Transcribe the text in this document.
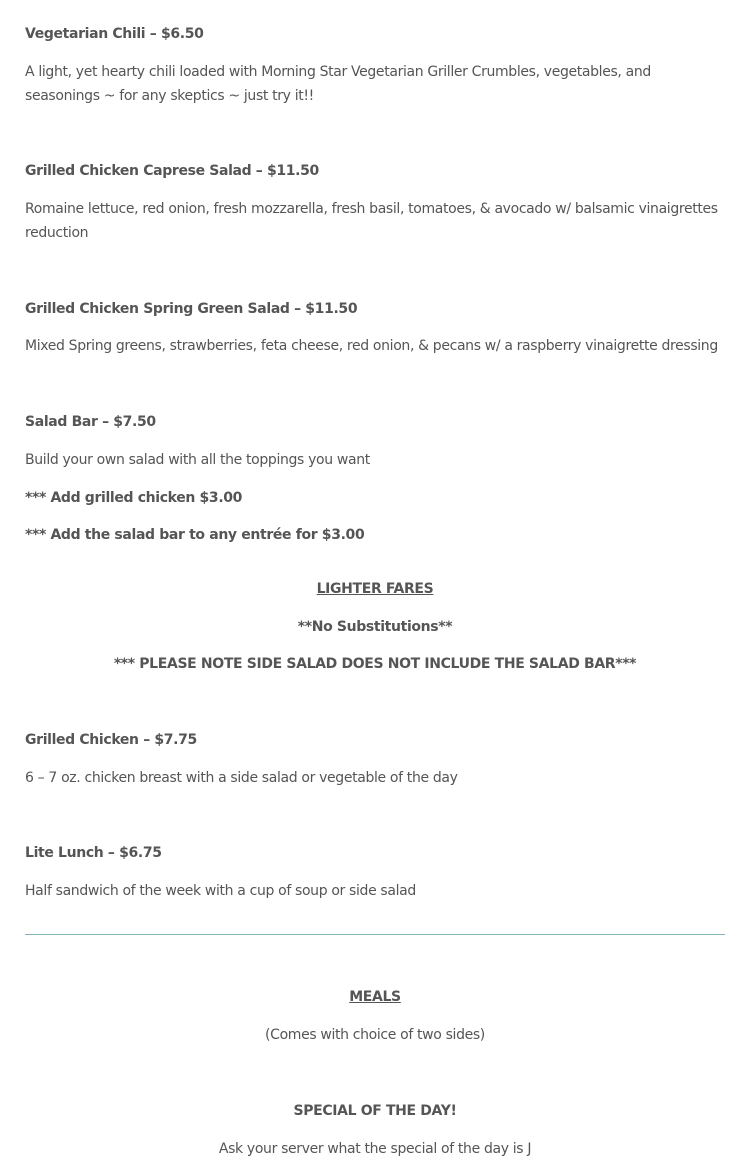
Vegetarian Chili – $6.50
A light, yet hearty chili loaded with Morning Star Vegetarian Griller Crumbles, vegetables, and seasonings ~ for any skeptics ~ just try it!!
Grilled Chicken Caprese Salad – $11.50
Romaine lettuce, red onion, fresh mozzarella, fresh basil, tomatoes, & avocado w/ balsamic vinaigrettes reduction
Grilled Chicken Spring Green Salad – $11.50
Mixed Spring greens, strawberries, feta cheese, red onion, & pecans w/ a raspberry vinaigrette dressing
Salad Bar – $7.50
Build your own salad with all the toppings you want
*** Add grilled chicken $3.00
*** Add the salad bar to any entrée for $3.00
LIGHTER FARES
**No Substitutions**
*** PLEASE NOTE SIDE SALAD DOES NOT INCLUDE THE SALAD BAR***
Grilled Chicken – $7.75
6 – 7 oz. chicken breast with a side salad or vegetable of the day
Lite Lunch – $6.75
Half sandwich of the week with a cup of soup or side salad
MEALS
(Comes with choice of two sides)
SPECIAL OF THE DAY!
Ask your server what the special of the day is J
